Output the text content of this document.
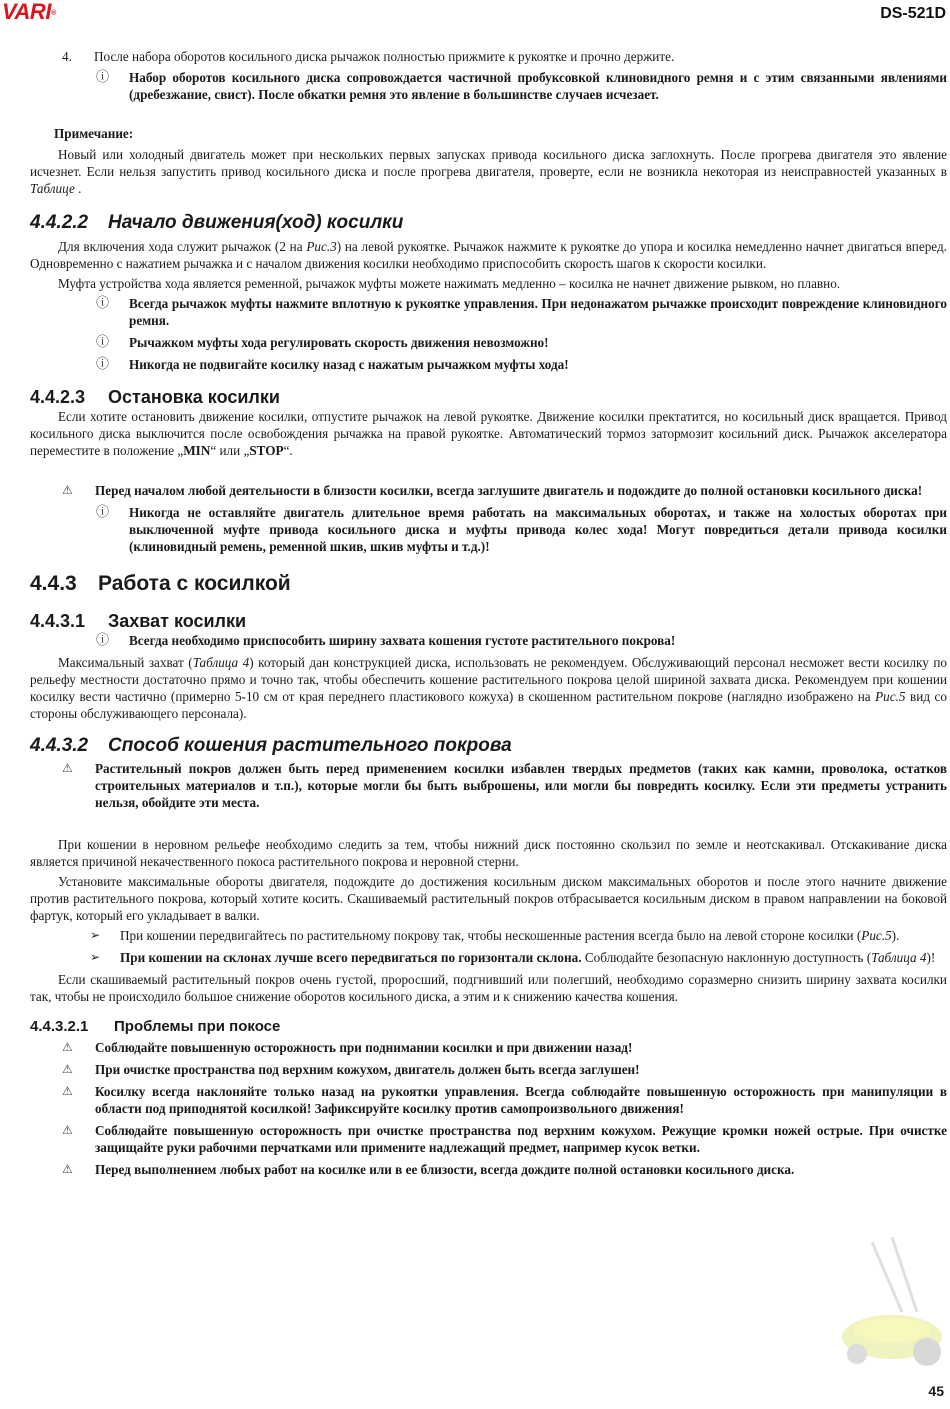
VARI®	DS-521D
4.	После набора оборотов косильного диска рычажок полностью прижмите к рукоятке и прочно держите.
ⓘ	Набор оборотов косильного диска сопровождается частичной пробуксовкой клиновидного ремня и с этим связанными явлениями (дребезжание, свист). После обкатки ремня это явление в большинстве случаев исчезает.
Примечание:

Новый или холодный двигатель может при нескольких первых запусках привода косильного диска заглохнуть. После прогрева двигателя это явление исчезнет. Если нельзя запустить привод косильного диска и после прогрева двигателя, проверте, если не возникла некоторая из неисправностей указанных в Таблице .

4.4.2.2 Начало движения(ход) косилки

Для включения хода служит рычажок (2 на Рис.3) на левой рукоятке. Рычажок нажмите к рукоятке до упора и косилка немедленно начнет двигаться вперед. Одновременно с нажатием рычажка и с началом движения косилки необходимо приспособить скорость шагов к скорости косилки.

Муфта устройства хода является ременной, рычажок муфты можете нажимать медленно – косилка не начнет движение рывком, но плавно.

ⓘ	Всегда рычажок муфты нажмите вплотную к рукоятке управления. При недонажатом рычажке происходит повреждение клиновидного ремня.
ⓘ	Рычажком муфты хода регулировать скорость движения невозможно!
ⓘ	Никогда не подвигайте косилку назад с нажатым рычажком муфты хода!
4.4.2.3 Остановка косилки

Если хотите остановить движение косилки, отпустите рычажок на левой рукоятке. Движение косилки пректатится, но косильный диск вращается. Привод косильного диска выключится после освобождения рычажка на правой рукоятке. Автоматический тормоз затормозит косильний диск. Рычажок акселератора переместите в положение „MIN“ или „STOP“.

⚠	Перед началом любой деятельности в близости косилки, всегда заглушите двигатель и подождите до полной остановки косильного диска!
ⓘ	Никогда не оставляйте двигатель длительное время работать на максимальных оборотах, и также на холостых оборотах при выключенной муфте привода косильного диска и муфты привода колес хода! Могут повредиться детали привода косилки (клиновидный ремень, ременной шкив, шкив муфты и т.д.)!
4.4.3 Работа с косилкой
4.4.3.1 Захват косилки
ⓘ	Всегда необходимо приспособить ширину захвата кошения густоте растительного покрова!

Максимальный захват (Таблица 4) который дан конструкцией диска, использовать не рекомендуем. Обслуживающий персонал несможет вести косилку по рельефу местности достаточно прямо и точно так, чтобы обеспечить кошение растительного покрова целой шириной захвата диска. Рекомендуем при кошении косилку вести частично (примерно 5-10 см от края переднего пластикового кожуха) в скошенном растительном покрове (наглядно изображено на Рис.5 вид со стороны обслуживающего персонала).

4.4.3.2 Способ кошения растительного покрова
⚠	Растительный покров должен быть перед применением косилки избавлен твердых предметов (таких как камни, проволока, остатков строительных материалов и т.п.), которые могли бы быть выброшены, или могли бы повредить косилку. Если эти предметы устранить нельзя, обойдите эти места.

При кошении в неровном рельефе необходимо следить за тем, чтобы нижний диск постоянно скользил по земле и неотскакивал. Отскакивание диска является причиной некачественного покоса растительного покрова и неровной стерни.

Установите максимальные обороты двигателя, подождите до достижения косильным диском максимальных оборотов и после этого начните движение против растительного покрова, который хотите косить. Скашиваемый растительный покров отбрасывается косильным диском в правом направлении на боковой фартук, который его укладывает в валки.

➢	При кошении передвигайтесь по растительному покрову так, чтобы нескошенные растения всегда было на левой стороне косилки (Рис.5).
➢	При кошении на склонах лучше всего передвигаться по горизонтали склона. Соблюдайте безопасную наклонную доступность (Таблица 4)!

Если скашиваемый растительный покров очень густой, проросший, подгнивший или полегший, необходимо соразмерно снизить ширину захвата косилки так, чтобы не происходило большое снижение оборотов косильного диска, а этим и к снижению качества кошения.

4.4.3.2.1 Проблемы при покосе
⚠	Соблюдайте повышенную осторожность при поднимании косилки и при движении назад!
⚠	При очистке пространства под верхним кожухом, двигатель должен быть всегда заглушен!
⚠	Косилку всегда наклоняйте только назад на рукоятки управления. Всегда соблюдайте повышенную осторожность при манипуляции в области под приподнятой косилкой! Зафиксируйте косилку против самопроизвольного движения!
⚠	Соблюдайте повышенную осторожность при очистке пространства под верхним кожухом. Режущие кромки ножей острые. При очистке защищайте руки рабочими перчатками или примените надлежащий предмет, например кусок ветки.
⚠	Перед выполнением любых работ на косилке или в ее близости, всегда дождите полной остановки косильного диска.
45
